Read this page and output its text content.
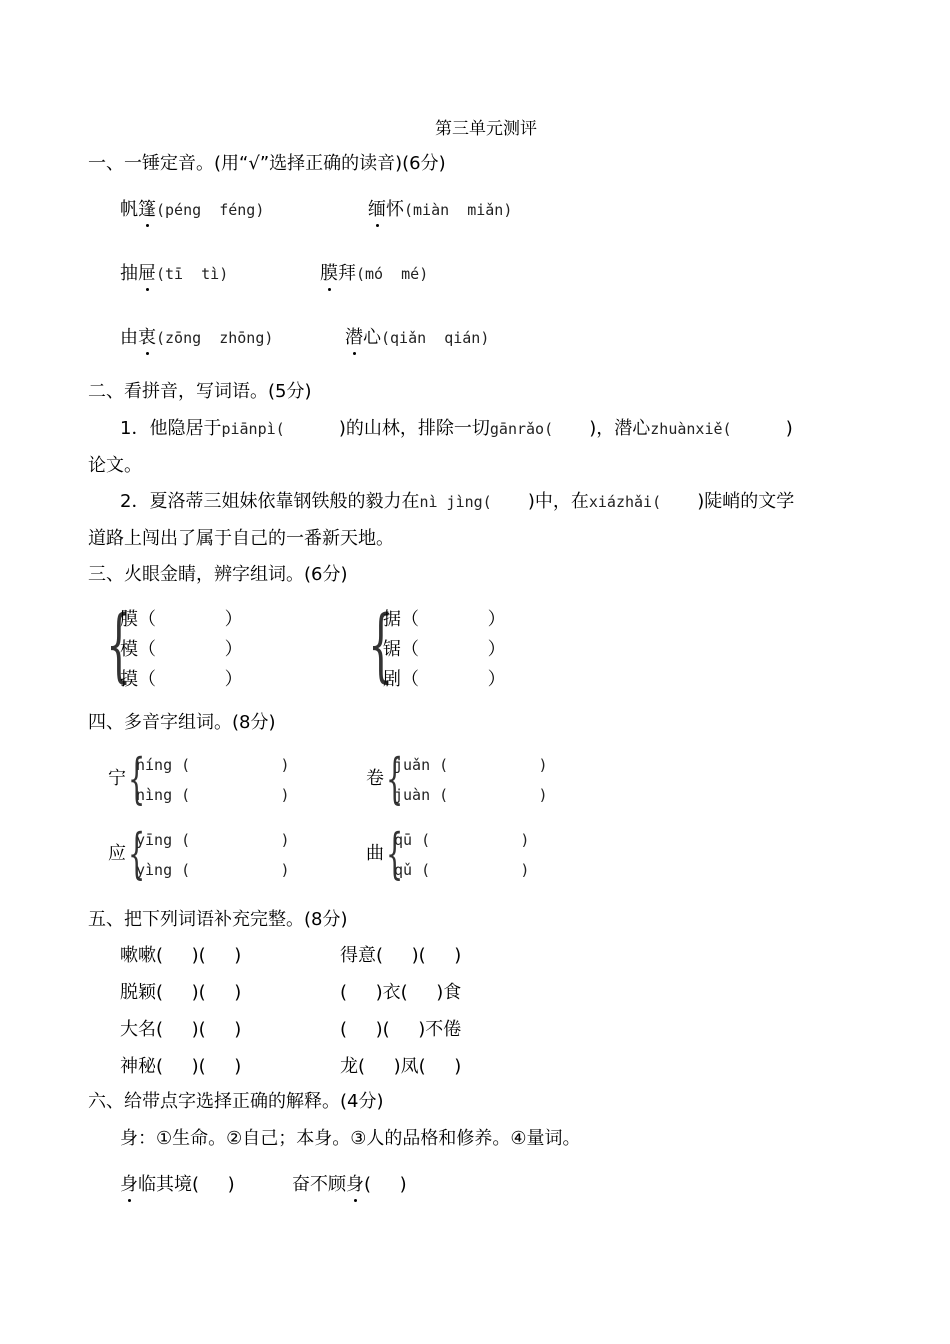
第三单元测评
一、一锤定音。(用“√”选择正确的读音)(6分)
二、看拼音，写词语。(5分)
1．他隐居于piānpì(      )的山林，排除一切gānrǎo(    )，潜心zhuànxiě(      )
论文。
2．夏洛蒂三姐妹依靠钢铁般的毅力在nì jìng(    )中，在xiázhǎi(    )陡峭的文学
道路上闯出了属于自己的一番新天地。
三、火眼金睛，辨字组词。(6分)
{	{
膜（            ）
模（            ）
摸（            ）
据（            ）
锯（            ）
剧（            ）
四、多音字组词。(8分)
五、把下列词语补充完整。(8分)
六、给带点字选择正确的解释。(4分)
身：①生命。②自己；本身。③人的品格和修养。④量词。
帆篷(péng  féng)	缅怀(miàn  miǎn)
抽屉(tī  tì)	膜拜(mó  mé)
由衷(zōng  zhōng)	潜心(qiǎn  qián)
宁 {
níng (          )
nìng (          )
卷 {
juǎn (          )
juàn (          )
应 {
yīng (          )
yìng (          )
曲 {
qū (          )
qǔ (          )
嗽嗽(     )(     )	得意(     )(     )
脱颖(     )(     )	(     )衣(     )食
大名(     )(     )	(     )(     )不倦
神秘(     )(     )	龙(     )凤(     )
身临其境(     )	奋不顾身(     )
